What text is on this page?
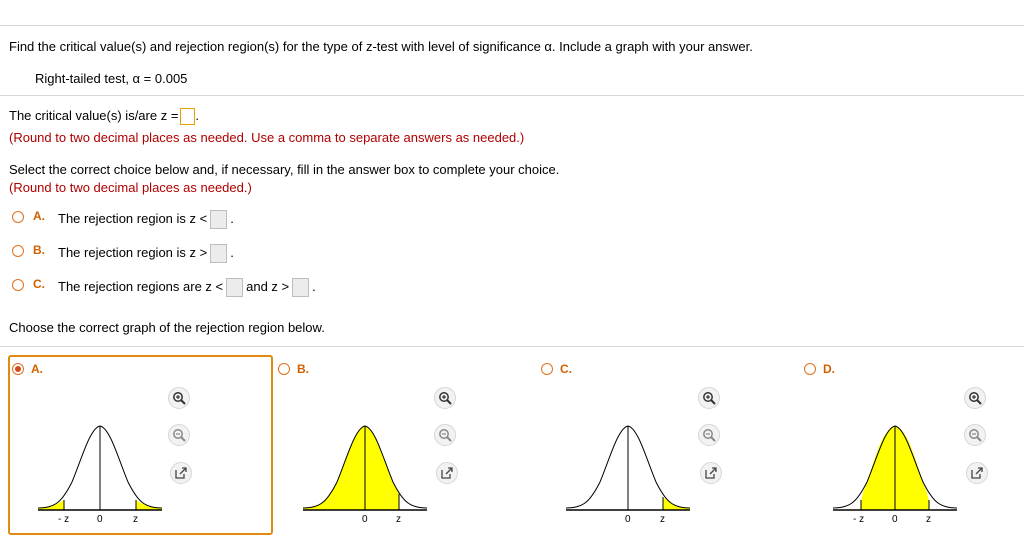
Find the critical value(s) and rejection region(s) for the type of z-test with level of significance α. Include a graph with your answer.
Right-tailed test, α = 0.005
The critical value(s) is/are z = .
(Round to two decimal places as needed. Use a comma to separate answers as needed.)
Select the correct choice below and, if necessary, fill in the answer box to complete your choice.
(Round to two decimal places as needed.)
A. The rejection region is z < .
B. The rejection region is z > .
C. The rejection regions are z < and z > .
Choose the correct graph of the rejection region below.
A.	B.	C.	D.
- z	0	z	0	z	0	z	- z	0	z
